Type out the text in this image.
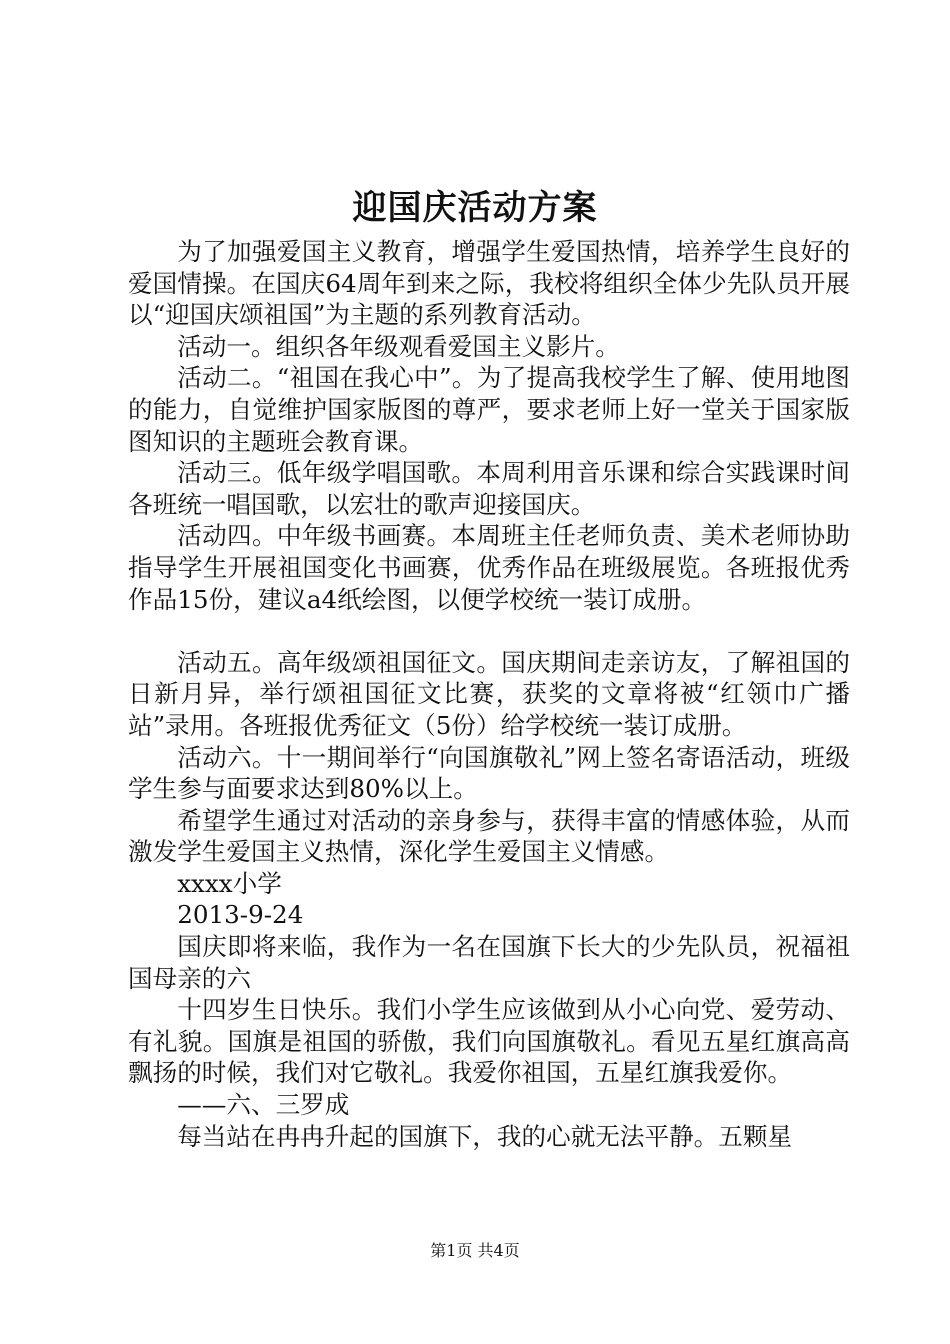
迎国庆活动方案

为了加强爱国主义教育，增强学生爱国热情，培养学生良好的爱国情操。在国庆64周年到来之际，我校将组织全体少先队员开展以“迎国庆颂祖国”为主题的系列教育活动。

活动一。组织各年级观看爱国主义影片。

活动二。“祖国在我心中”。为了提高我校学生了解、使用地图的能力，自觉维护国家版图的尊严，要求老师上好一堂关于国家版图知识的主题班会教育课。

活动三。低年级学唱国歌。本周利用音乐课和综合实践课时间各班统一唱国歌，以宏壮的歌声迎接国庆。

活动四。中年级书画赛。本周班主任老师负责、美术老师协助指导学生开展祖国变化书画赛，优秀作品在班级展览。各班报优秀作品15份，建议a4纸绘图，以便学校统一装订成册。

活动五。高年级颂祖国征文。国庆期间走亲访友，了解祖国的日新月异，举行颂祖国征文比赛，获奖的文章将被“红领巾广播站”录用。各班报优秀征文（5份）给学校统一装订成册。

活动六。十一期间举行“向国旗敬礼”网上签名寄语活动，班级学生参与面要求达到80%以上。

希望学生通过对活动的亲身参与，获得丰富的情感体验，从而激发学生爱国主义热情，深化学生爱国主义情感。

xxxx小学

2013-9-24

国庆即将来临，我作为一名在国旗下长大的少先队员，祝福祖国母亲的六

十四岁生日快乐。我们小学生应该做到从小心向党、爱劳动、有礼貌。国旗是祖国的骄傲，我们向国旗敬礼。看见五星红旗高高飘扬的时候，我们对它敬礼。我爱你祖国，五星红旗我爱你。

——六、三罗成

每当站在冉冉升起的国旗下，我的心就无法平静。五颗星

第1页 共4页
